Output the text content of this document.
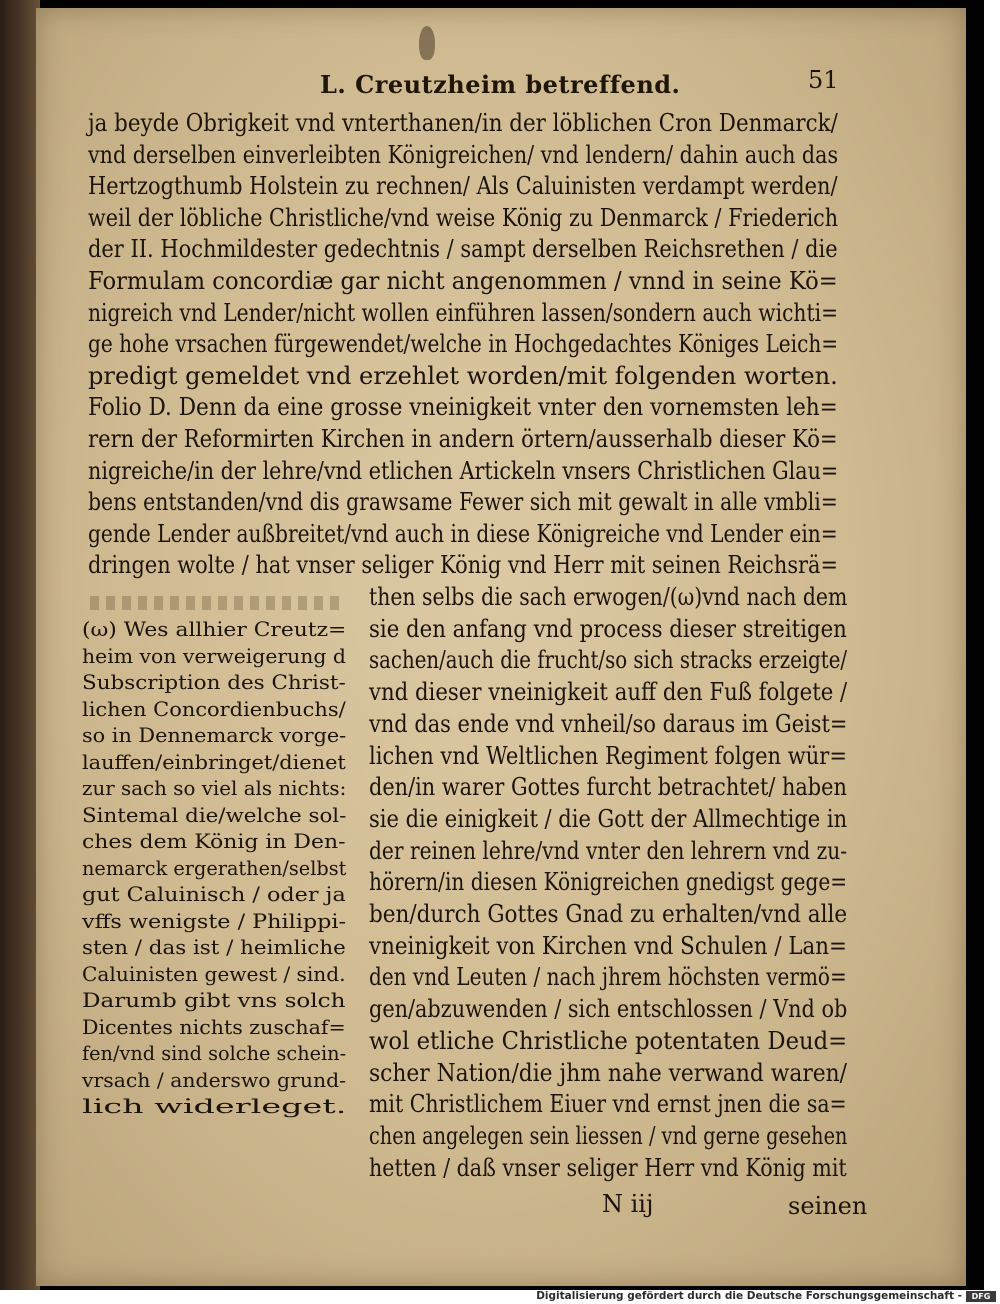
L. Creutzheim betreffend.	51
ja beyde Obrigkeit vnd vnterthanen/in der löblichen Cron Denmarck/
vnd derselben einverleibten Königreichen/ vnd lendern/ dahin auch das
Hertzogthumb Holstein zu rechnen/ Als Caluinisten verdampt werden/
weil der löbliche Christliche/vnd weise König zu Denmarck / Friederich
der II. Hochmildester gedechtnis / sampt derselben Reichsrethen / die
Formulam concordiæ gar nicht angenommen / vnnd in seine Kö=
nigreich vnd Lender/nicht wollen einführen lassen/sondern auch wichti=
ge hohe vrsachen fürgewendet/welche in Hochgedachtes Königes Leich=
predigt gemeldet vnd erzehlet worden/mit folgenden worten.
Folio D. Denn da eine grosse vneinigkeit vnter den vornemsten leh=
rern der Reformirten Kirchen in andern örtern/ausserhalb dieser Kö=
nigreiche/in der lehre/vnd etlichen Artickeln vnsers Christlichen Glau=
bens entstanden/vnd dis grawsame Fewer sich mit gewalt in alle vmbli=
gende Lender außbreitet/vnd auch in diese Königreiche vnd Lender ein=
dringen wolte / hat vnser seliger König vnd Herr mit seinen Reichsrä=
then selbs die sach erwogen/(ω)vnd nach dem
sie den anfang vnd process dieser streitigen
sachen/auch die frucht/so sich stracks erzeigte/
vnd dieser vneinigkeit auff den Fuß folgete /
vnd das ende vnd vnheil/so daraus im Geist=
lichen vnd Weltlichen Regiment folgen wür=
den/in warer Gottes furcht betrachtet/ haben
sie die einigkeit / die Gott der Allmechtige in
der reinen lehre/vnd vnter den lehrern vnd zu-
hörern/in diesen Königreichen gnedigst gege=
ben/durch Gottes Gnad zu erhalten/vnd alle
vneinigkeit von Kirchen vnd Schulen / Lan=
den vnd Leuten / nach jhrem höchsten vermö=
gen/abzuwenden / sich entschlossen / Vnd ob
wol etliche Christliche potentaten Deud=
scher Nation/die jhm nahe verwand waren/
mit Christlichem Eiuer vnd ernst jnen die sa=
chen angelegen sein liessen / vnd gerne gesehen
hetten / daß vnser seliger Herr vnd König mit
(ω) Wes allhier Creutz=
heim von verweigerung d
Subscription des Christ-
lichen Concordienbuchs/
so in Dennemarck vorge-
lauffen/einbringet/dienet
zur sach so viel als nichts:
Sintemal die/welche sol-
ches dem König in Den-
nemarck ergerathen/selbst
gut Caluinisch / oder ja
vffs wenigste / Philippi-
sten / das ist / heimliche
Caluinisten gewest / sind.
Darumb gibt vns solch
Dicentes nichts zuschaf=
fen/vnd sind solche schein-
vrsach / anderswo grund-
lich widerleget.
N iij	seinen
Digitalisierung gefördert durch die Deutsche Forschungsgemeinschaft -	DFG
